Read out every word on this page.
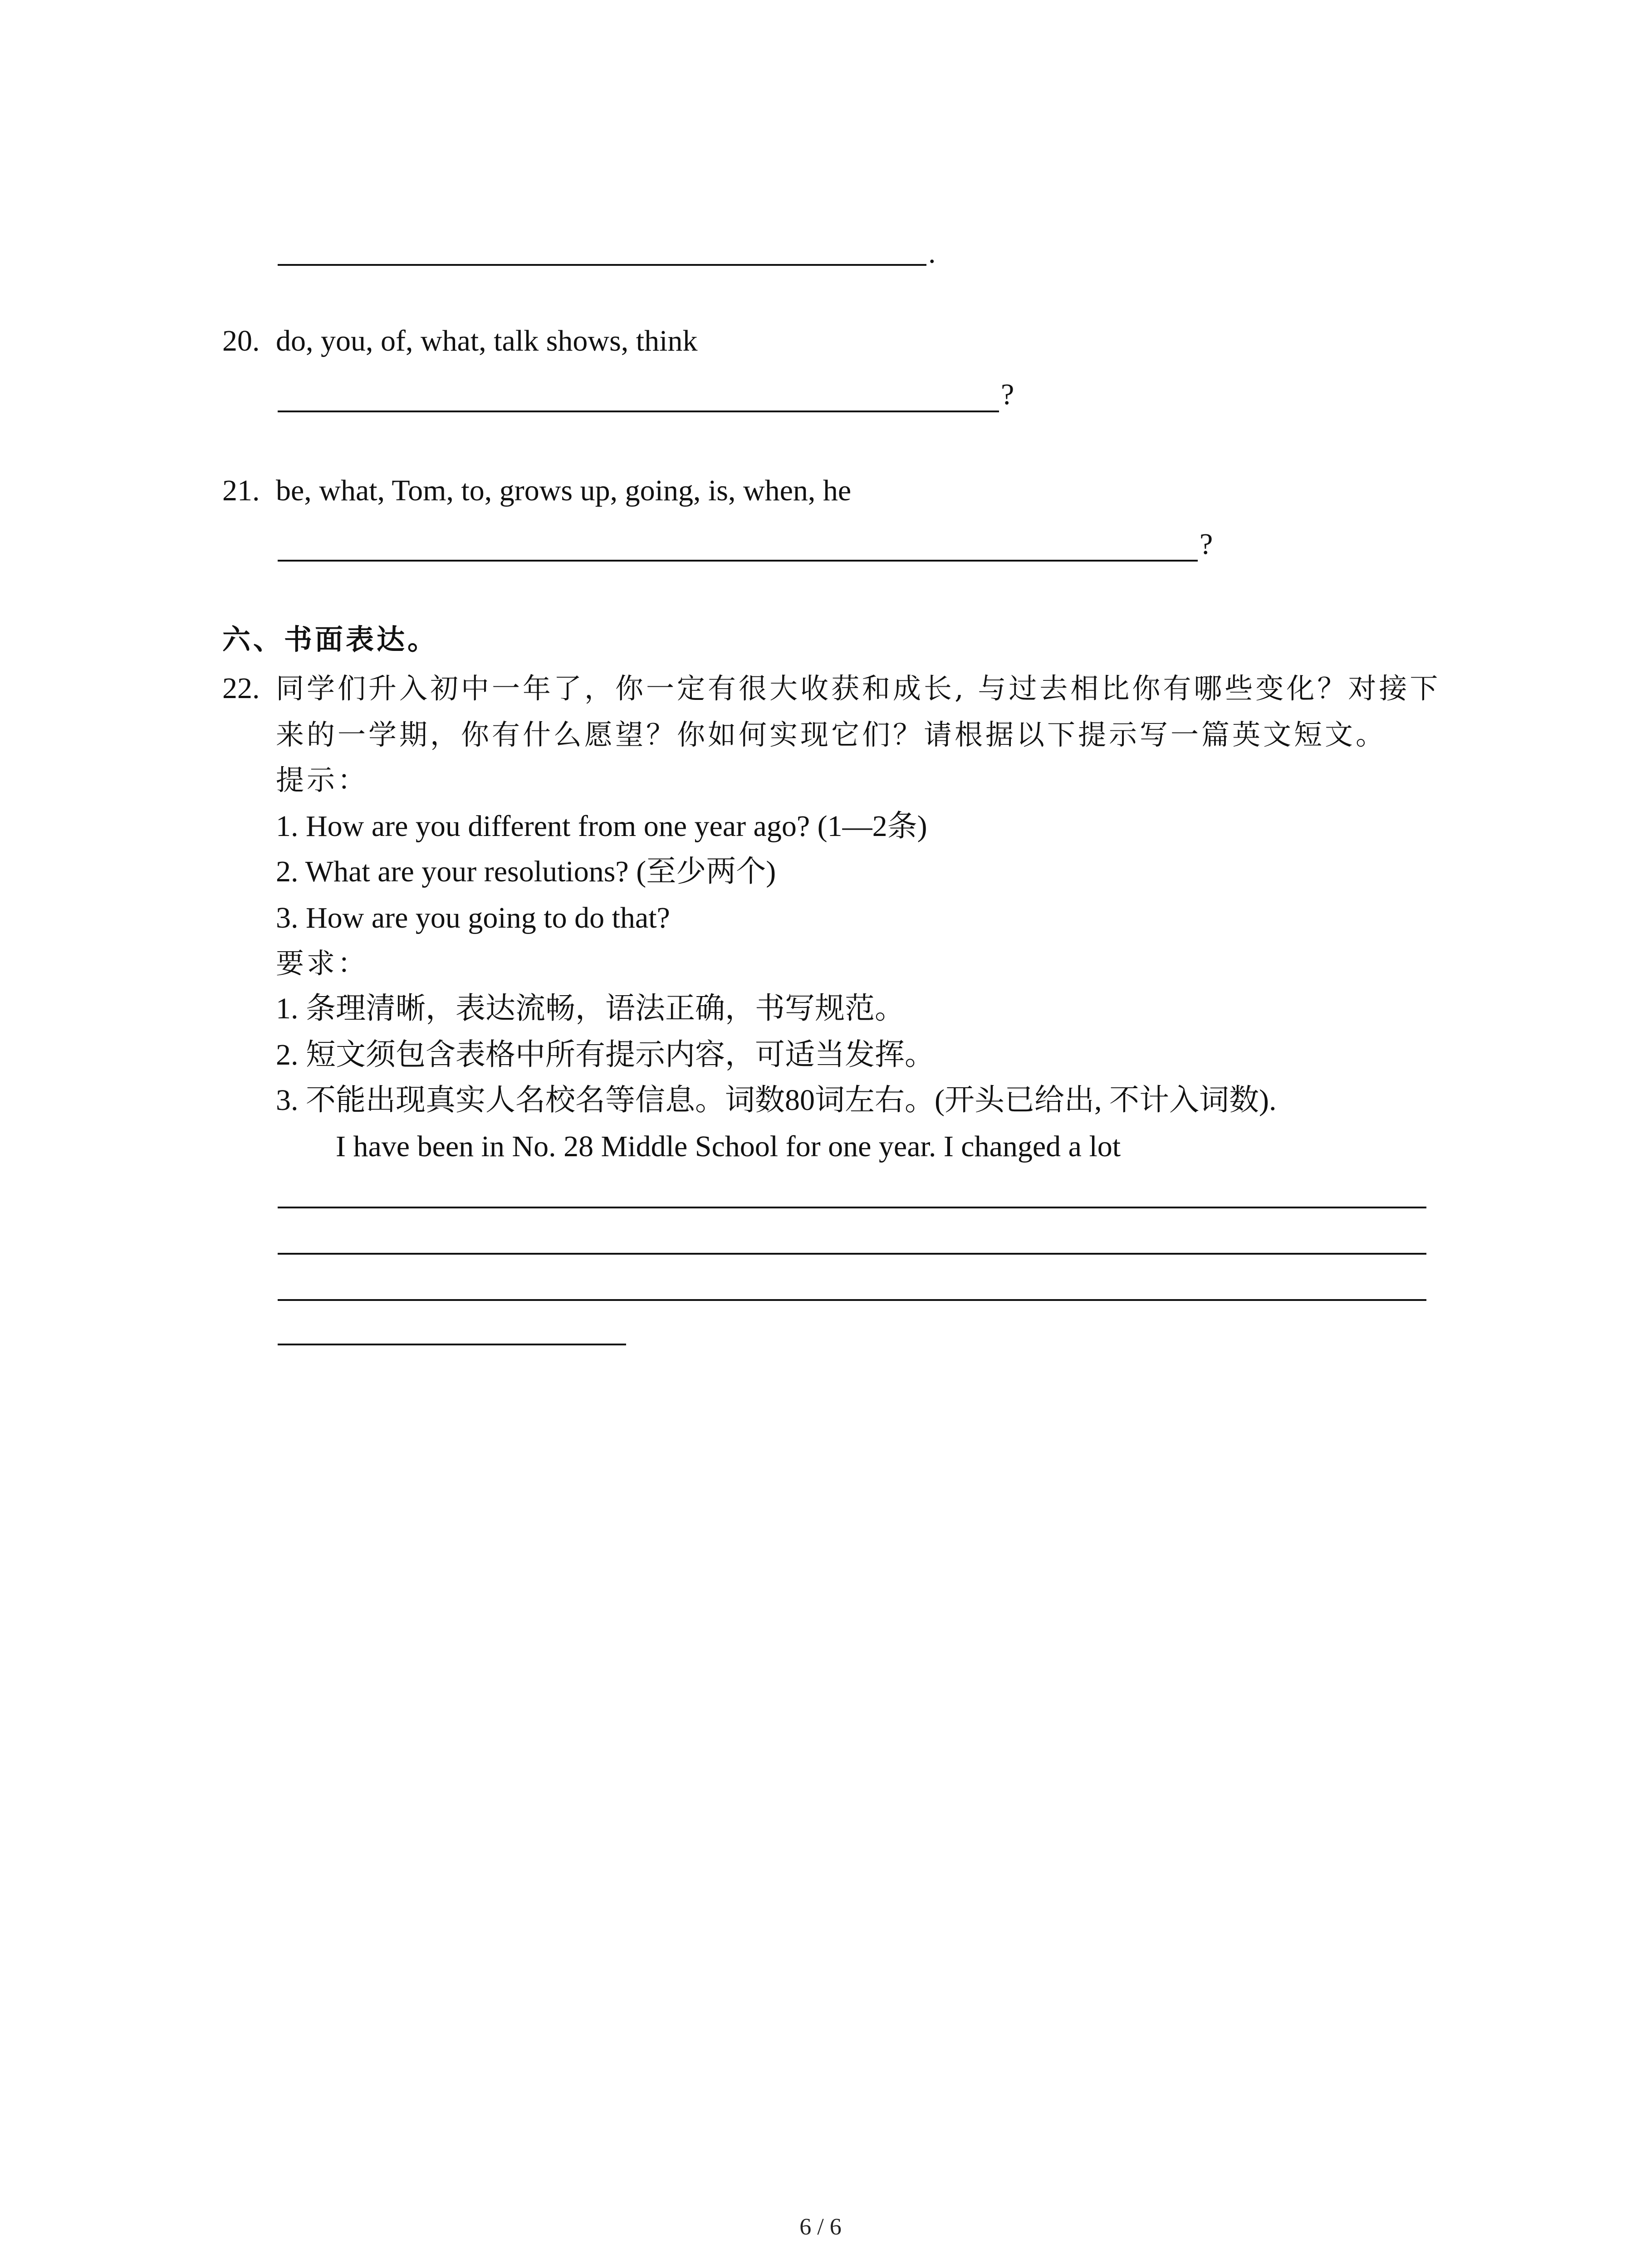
.
20. do, you, of, what, talk shows, think
?
21. be, what, Tom, to, grows up, going, is, when, he
?
六、书面表达。
22. 同学们升入初中一年了，你一定有很大收获和成长, 与过去相比你有哪些变化？对接下
来的一学期，你有什么愿望？你如何实现它们？请根据以下提示写一篇英文短文。
提示：
1. How are you different from one year ago? (1—2条)
2. What are your resolutions? (至少两个)
3. How are you going to do that?
要求：
1. 条理清晰，表达流畅，语法正确，书写规范。
2. 短文须包含表格中所有提示内容，可适当发挥。
3. 不能出现真实人名校名等信息。词数80词左右。(开头已给出, 不计入词数).
I have been in No. 28 Middle School for one year. I changed a lot
6 / 6
